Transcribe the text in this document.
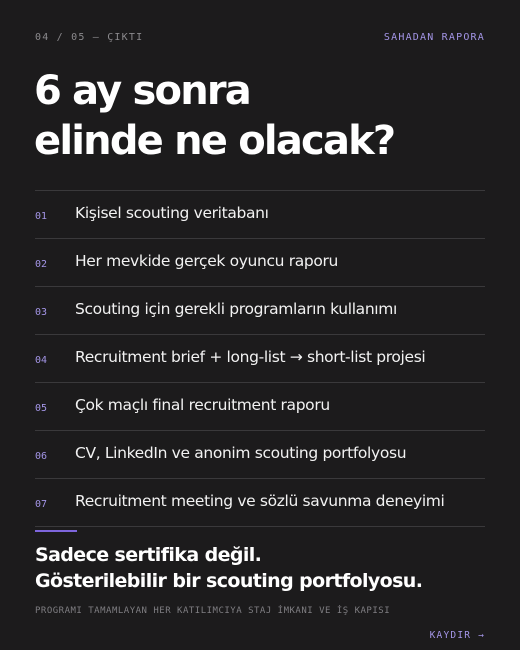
04 / 05 — ÇIKTI	SAHADAN RAPORA
6 ay sonra
elinde ne olacak?
01 Kişisel scouting veritabanı
02 Her mevkide gerçek oyuncu raporu
03 Scouting için gerekli programların kullanımı
04 Recruitment brief + long-list → short-list projesi
05 Çok maçlı final recruitment raporu
06 CV, LinkedIn ve anonim scouting portfolyosu
07 Recruitment meeting ve sözlü savunma deneyimi
Sadece sertifika değil.
Gösterilebilir bir scouting portfolyosu.
PROGRAMI TAMAMLAYAN HER KATILIMCIYA STAJ İMKANI VE İŞ KAPISI
KAYDIR →
